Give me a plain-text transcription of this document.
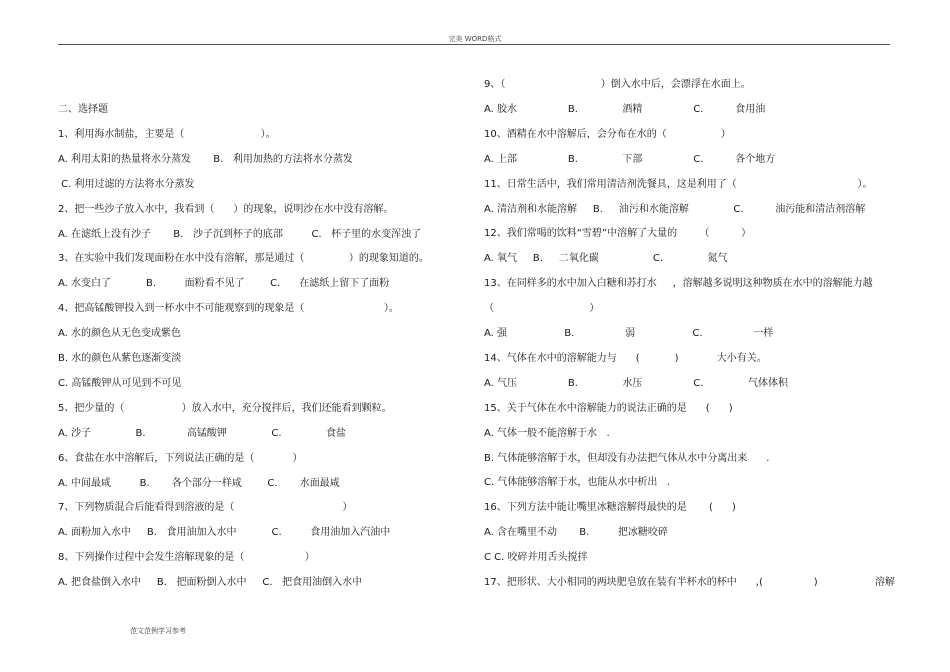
完美 WORD格式
二、选择题
1、利用海水制盐，主要是（                        ）。
A. 利用太阳的热量将水分蒸发       B.   利用加热的方法将水分蒸发
C. 利用过滤的方法将水分蒸发
2、把一些沙子放入水中，我看到（      ）的现象，说明沙在水中没有溶解。
A. 在滤纸上没有沙子       B.   沙子沉到杯子的底部         C.   杯子里的水变浑浊了
3、在实验中我们发现面粉在水中没有溶解，那是通过（              ）的现象知道的。
A. 水变白了           B.         面粉看不见了        C.      在滤纸上留下了面粉
4、把高锰酸钾投入到一杯水中不可能观察到的现象是（                         ）。
A. 水的颜色从无色变成紫色
B. 水的颜色从紫色逐渐变淡
C. 高锰酸钾从可见到不可见
5、把少量的（                  ）放入水中，充分搅拌后，我们还能看到颗粒。
A. 沙子              B.             高锰酸钾              C.              食盐
6、食盐在水中溶解后，下列说法正确的是（            ）
A. 中间最咸         B.       各个部分一样咸        C.       水面最咸
7、下列物质混合后能看得到溶液的是（                                  ）
A. 面粉加入水中     B.   食用油加入水中           C.         食用油加入汽油中
8、下列操作过程中会发生溶解现象的是（                   ）
A. 把食盐倒入水中     B.   把面粉倒入水中     C.   把食用油倒入水中
9、（                              ）倒入水中后，会漂浮在水面上。
A. 胶水                B.              酒精                C.          食用油
10、酒精在水中溶解后，会分布在水的（                 ）
A. 上部                B.              下部                C.          各个地方
11、日常生活中，我们常用清洁剂洗餐具，这是利用了（                                      ）。
A. 清洁剂和水能溶解     B.     油污和水能溶解              C.          油污能和清洁剂溶解
12、我们常喝的饮料“雪碧”中溶解了大量的       （          ）
A. 氧气     B.     二氧化碳                 C.              氮气
13、在同样多的水中加入白糖和苏打水     ，溶解越多说明这种物质在水中的溶解能力越
（                              ）
A. 强                  B.                弱                  C.                一样
14、气体在水中的溶解能力与      (           )            大小有关。
A. 气压                B.              水压                C.              气体体积
15、关于气体在水中溶解能力的说法正确的是      (      )
A. 气体一般不能溶解于水   .
B. 气体能够溶解于水，但却没有办法把气体从水中分离出来      .
C. 气体能够溶解于水，也能从水中析出   .
16、下列方法中能让嘴里冰糖溶解得最快的是       (      )
A. 含在嘴里不动       B.         把冰糖咬碎
C C. 咬碎并用舌头搅拌
17、把形状、大小相同的两块肥皂放在装有半杯水的杯中      ,(                )                  溶解
范文范例学习参考
